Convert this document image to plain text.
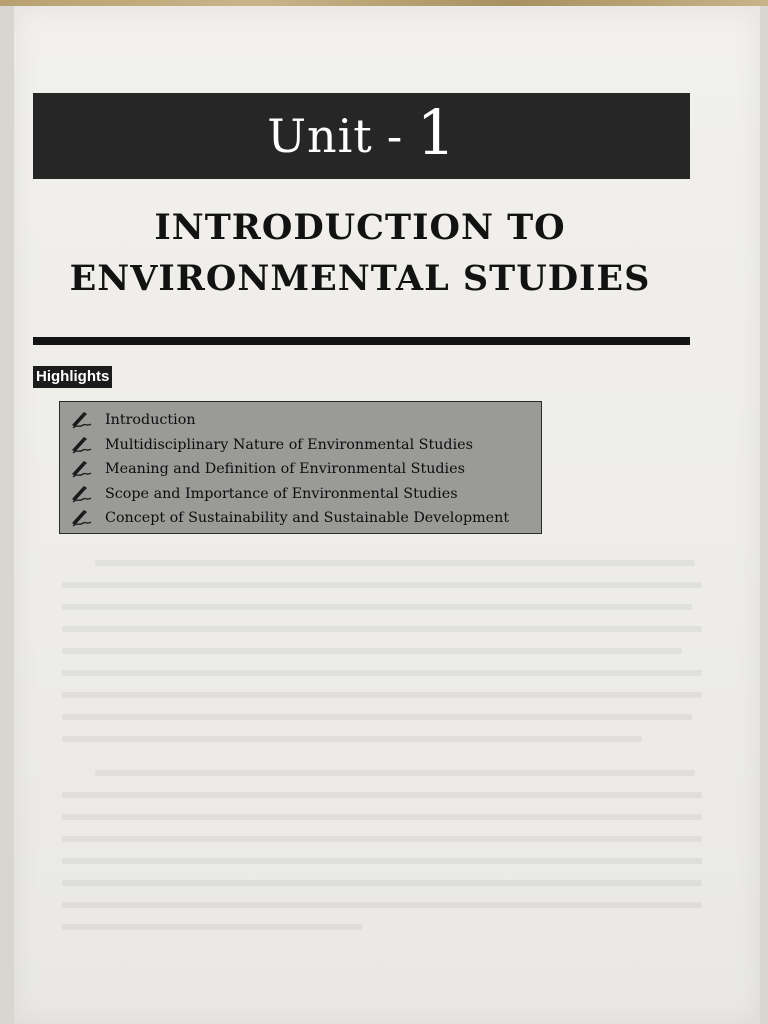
Unit - 1
INTRODUCTION TO
ENVIRONMENTAL STUDIES
Highlights
Introduction
Multidisciplinary Nature of Environmental Studies
Meaning and Definition of Environmental Studies
Scope and Importance of Environmental Studies
Concept of Sustainability and Sustainable Development
